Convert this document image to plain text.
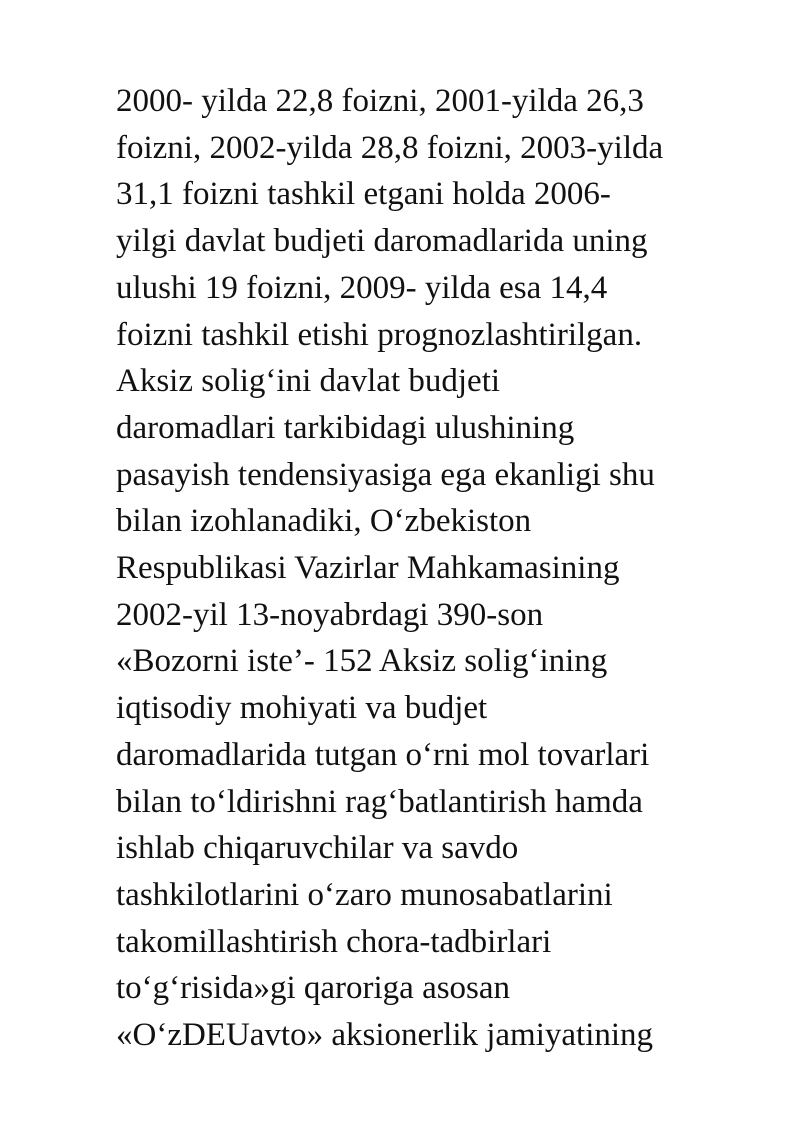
2000- yilda 22,8 foizni, 2001-yilda 26,3
foizni, 2002-yilda 28,8 foizni, 2003-yilda
31,1 foizni tashkil etgani holda 2006-
yilgi davlat budjeti daromadlarida uning
ulushi 19 foizni, 2009- yilda esa 14,4
foizni tashkil etishi prognozlashtirilgan.
Aksiz solig‘ini davlat budjeti
daromadlari tarkibidagi ulushining
pasayish tendensiyasiga ega ekanligi shu
bilan izohlanadiki, O‘zbekiston
Respublikasi Vazirlar Mahkamasining
2002-yil 13-noyabrdagi 390-son
«Bozorni iste’- 152 Aksiz solig‘ining
iqtisodiy mohiyati va budjet
daromadlarida tutgan o‘rni mol tovarlari
bilan to‘ldirishni rag‘batlantirish hamda
ishlab chiqaruvchilar va savdo
tashkilotlarini o‘zaro munosabatlarini
takomillashtirish chora-tadbirlari
to‘g‘risida»gi qaroriga asosan
«O‘zDEUavto» aksionerlik jamiyatining
